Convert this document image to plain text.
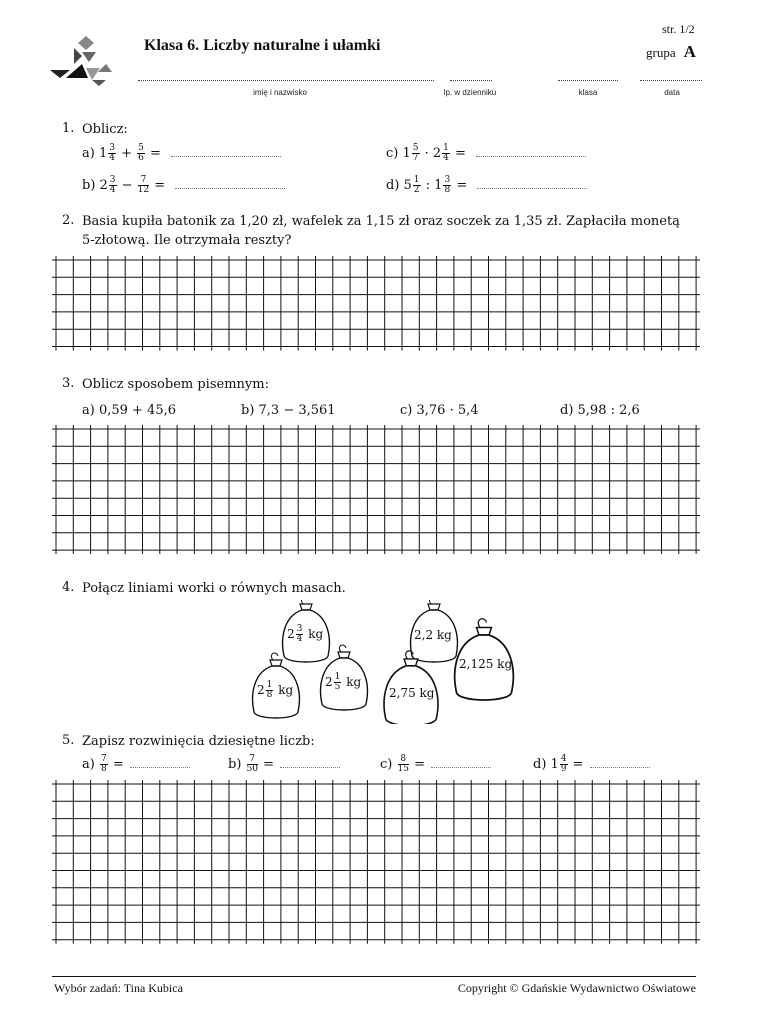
Klasa 6. Liczby naturalne i ułamki
str. 1/2
grupa A
imię i nazwisko	lp. w dzienniku	klasa	data
1. Oblicz:
a) $1 \frac{3}{4} + \frac{5}{6}$ =	c) $1 \frac{5}{7} \cdot 2 \frac{1}{4}$ =
b) $2 \frac{3}{4} - \frac{7}{12}$ =	d) $5 \frac{1}{2}$ : $1 \frac{3}{8}$ =
2. Basia kupiła batonik za 1,20 zł, wafelek za 1,15 zł oraz soczek za 1,35 zł. Zapłaciła monetą
5-złotową. Ile otrzymała reszty?
3. Oblicz sposobem pisemnym:
a) 0,59 + 45,6	b) 7,3 − 3,561	c) 3,76 · 5,4	d) 5,98 : 2,6
4. Połącz liniami worki o równych masach.
$2 \frac{3}{4}$ kg	2,2 kg
2,125 kg
$2 \frac{1}{8}$ kg
$2 \frac{1}{5}$ kg
2,75 kg
5. Zapisz rozwinięcia dziesiętne liczb:
$a) \frac{7}{8}$ =	$b) \frac{7}{50}$ =	$c) \frac{8}{15}$ =	d) $1 \frac{4}{9}$ =
Wybór zadań: Tina Kubica	Copyright © Gdańskie Wydawnictwo Oświatowe
